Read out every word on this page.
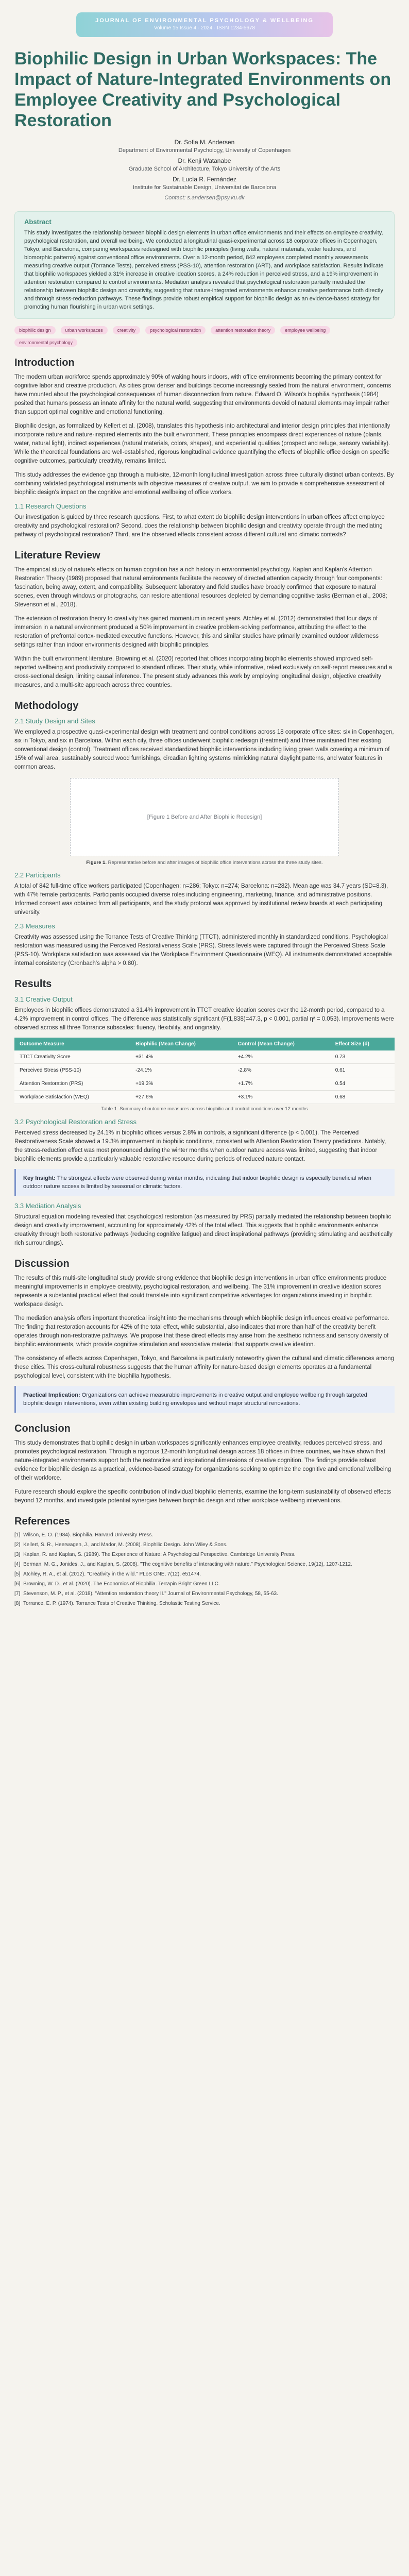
JOURNAL OF ENVIRONMENTAL PSYCHOLOGY & WELLBEING
Volume 15 Issue 4 · 2024 · ISSN 1234-5678
Biophilic Design in Urban Workspaces: The Impact of Nature-Integrated Environments on Employee Creativity and Psychological Restoration
Dr. Sofia M. Andersen
Department of Environmental Psychology, University of Copenhagen
Dr. Kenji Watanabe
Graduate School of Architecture, Tokyo University of the Arts
Dr. Lucía R. Fernández
Institute for Sustainable Design, Universitat de Barcelona
Contact: s.andersen@psy.ku.dk
Abstract
This study investigates the relationship between biophilic design elements in urban office environments and their effects on employee creativity, psychological restoration, and overall wellbeing. We conducted a longitudinal quasi-experimental across 18 corporate offices in Copenhagen, Tokyo, and Barcelona, comparing workspaces redesigned with biophilic principles (living walls, natural materials, water features, and biomorphic patterns) against conventional office environments. Over a 12-month period, 842 employees completed monthly assessments measuring creative output (Torrance Tests), perceived stress (PSS-10), attention restoration (ART), and workplace satisfaction. Results indicate that biophilic workspaces yielded a 31% increase in creative ideation scores, a 24% reduction in perceived stress, and a 19% improvement in attention restoration compared to control environments. Mediation analysis revealed that psychological restoration partially mediated the relationship between biophilic design and creativity, suggesting that nature-integrated environments enhance creative performance both directly and through stress-reduction pathways. These findings provide robust empirical support for biophilic design as an evidence-based strategy for promoting human flourishing in urban work settings.
biophilic design	urban workspaces	creativity	psychological restoration	attention restoration theory	employee wellbeing
environmental psychology
Introduction

The modern urban workforce spends approximately 90% of waking hours indoors, with office environments becoming the primary context for cognitive labor and creative production. As cities grow denser and buildings become increasingly sealed from the natural environment, concerns have mounted about the psychological consequences of human disconnection from nature. Edward O. Wilson's biophilia hypothesis (1984) posited that humans possess an innate affinity for the natural world, suggesting that environments devoid of natural elements may impair rather than support optimal cognitive and emotional functioning.

Biophilic design, as formalized by Kellert et al. (2008), translates this hypothesis into architectural and interior design principles that intentionally incorporate nature and nature-inspired elements into the built environment. These principles encompass direct experiences of nature (plants, water, natural light), indirect experiences (natural materials, colors, shapes), and experiential qualities (prospect and refuge, sensory variability). While the theoretical foundations are well-established, rigorous longitudinal evidence quantifying the effects of biophilic office design on specific cognitive outcomes, particularly creativity, remains limited.

This study addresses the evidence gap through a multi-site, 12-month longitudinal investigation across three culturally distinct urban contexts. By combining validated psychological instruments with objective measures of creative output, we aim to provide a comprehensive assessment of biophilic design's impact on the cognitive and emotional wellbeing of office workers.

1.1 Research Questions

Our investigation is guided by three research questions. First, to what extent do biophilic design interventions in urban offices affect employee creativity and psychological restoration? Second, does the relationship between biophilic design and creativity operate through the mediating pathway of psychological restoration? Third, are the observed effects consistent across different cultural and climatic contexts?

Literature Review

The empirical study of nature's effects on human cognition has a rich history in environmental psychology. Kaplan and Kaplan's Attention Restoration Theory (1989) proposed that natural environments facilitate the recovery of directed attention capacity through four components: fascination, being away, extent, and compatibility. Subsequent laboratory and field studies have broadly confirmed that exposure to natural scenes, even through windows or photographs, can restore attentional resources depleted by demanding cognitive tasks (Berman et al., 2008; Stevenson et al., 2018).

The extension of restoration theory to creativity has gained momentum in recent years. Atchley et al. (2012) demonstrated that four days of immersion in a natural environment produced a 50% improvement in creative problem-solving performance, attributing the effect to the restoration of prefrontal cortex-mediated executive functions. However, this and similar studies have primarily examined outdoor wilderness settings rather than indoor environments designed with biophilic principles.

Within the built environment literature, Browning et al. (2020) reported that offices incorporating biophilic elements showed improved self-reported wellbeing and productivity compared to standard offices. Their study, while informative, relied exclusively on self-report measures and a cross-sectional design, limiting causal inference. The present study advances this work by employing longitudinal design, objective creativity measures, and a multi-site approach across three countries.

Methodology
2.1 Study Design and Sites

We employed a prospective quasi-experimental design with treatment and control conditions across 18 corporate office sites: six in Copenhagen, six in Tokyo, and six in Barcelona. Within each city, three offices underwent biophilic redesign (treatment) and three maintained their existing conventional design (control). Treatment offices received standardized biophilic interventions including living green walls covering a minimum of 15% of wall area, sustainably sourced wood furnishings, circadian lighting systems mimicking natural daylight patterns, and water features in common areas.

[Figure 1 Before and After Biophilic Redesign]
Figure 1. Representative before and after images of biophilic office interventions across the three study sites.
2.2 Participants

A total of 842 full-time office workers participated (Copenhagen: n=286; Tokyo: n=274; Barcelona: n=282). Mean age was 34.7 years (SD=8.3), with 47% female participants. Participants occupied diverse roles including engineering, marketing, finance, and administrative positions. Informed consent was obtained from all participants, and the study protocol was approved by institutional review boards at each participating university.

2.3 Measures

Creativity was assessed using the Torrance Tests of Creative Thinking (TTCT), administered monthly in standardized conditions. Psychological restoration was measured using the Perceived Restorativeness Scale (PRS). Stress levels were captured through the Perceived Stress Scale (PSS-10). Workplace satisfaction was assessed via the Workplace Environment Questionnaire (WEQ). All instruments demonstrated acceptable internal consistency (Cronbach's alpha > 0.80).

Results
3.1 Creative Output

Employees in biophilic offices demonstrated a 31.4% improvement in TTCT creative ideation scores over the 12-month period, compared to a 4.2% improvement in control offices. The difference was statistically significant (F(1,838)=47.3, p < 0.001, partial η² = 0.053). Improvements were observed across all three Torrance subscales: fluency, flexibility, and originality.

Outcome Measure	Biophilic (Mean Change)	Control (Mean Change)	Effect Size (d)
TTCT Creativity Score	+31.4%	+4.2%	0.73
Perceived Stress (PSS-10)	-24.1%	-2.8%	0.61
Attention Restoration (PRS)	+19.3%	+1.7%	0.54
Workplace Satisfaction (WEQ)	+27.6%	+3.1%	0.68
Table 1. Summary of outcome measures across biophilic and control conditions over 12 months
3.2 Psychological Restoration and Stress

Perceived stress decreased by 24.1% in biophilic offices versus 2.8% in controls, a significant difference (p < 0.001). The Perceived Restorativeness Scale showed a 19.3% improvement in biophilic conditions, consistent with Attention Restoration Theory predictions. Notably, the stress-reduction effect was most pronounced during the winter months when outdoor nature access was limited, suggesting that indoor biophilic elements provide a particularly valuable restorative resource during periods of reduced nature contact.

Key Insight: The strongest effects were observed during winter months, indicating that indoor biophilic design is especially beneficial when outdoor nature access is limited by seasonal or climatic factors.
3.3 Mediation Analysis

Structural equation modeling revealed that psychological restoration (as measured by PRS) partially mediated the relationship between biophilic design and creativity improvement, accounting for approximately 42% of the total effect. This suggests that biophilic environments enhance creativity through both restorative pathways (reducing cognitive fatigue) and direct inspirational pathways (providing stimulating and aesthetically rich surroundings).

Discussion

The results of this multi-site longitudinal study provide strong evidence that biophilic design interventions in urban office environments produce meaningful improvements in employee creativity, psychological restoration, and wellbeing. The 31% improvement in creative ideation scores represents a substantial practical effect that could translate into significant competitive advantages for organizations investing in biophilic workspace design.

The mediation analysis offers important theoretical insight into the mechanisms through which biophilic design influences creative performance. The finding that restoration accounts for 42% of the total effect, while substantial, also indicates that more than half of the creativity benefit operates through non-restorative pathways. We propose that these direct effects may arise from the aesthetic richness and sensory diversity of biophilic environments, which provide cognitive stimulation and associative material that supports creative ideation.

The consistency of effects across Copenhagen, Tokyo, and Barcelona is particularly noteworthy given the cultural and climatic differences among these cities. This cross-cultural robustness suggests that the human affinity for nature-based design elements operates at a fundamental psychological level, consistent with the biophilia hypothesis.

Practical Implication: Organizations can achieve measurable improvements in creative output and employee wellbeing through targeted biophilic design interventions, even within existing building envelopes and without major structural renovations.
Conclusion

This study demonstrates that biophilic design in urban workspaces significantly enhances employee creativity, reduces perceived stress, and promotes psychological restoration. Through a rigorous 12-month longitudinal design across 18 offices in three countries, we have shown that nature-integrated environments support both the restorative and inspirational dimensions of creative cognition. The findings provide robust evidence for biophilic design as a practical, evidence-based strategy for organizations seeking to optimize the cognitive and emotional wellbeing of their workforce.

Future research should explore the specific contribution of individual biophilic elements, examine the long-term sustainability of observed effects beyond 12 months, and investigate potential synergies between biophilic design and other workplace wellbeing interventions.

References
[1] Wilson, E. O. (1984). Biophilia. Harvard University Press.
[2] Kellert, S. R., Heerwagen, J., and Mador, M. (2008). Biophilic Design. John Wiley & Sons.
[3] Kaplan, R. and Kaplan, S. (1989). The Experience of Nature: A Psychological Perspective. Cambridge University Press.
[4] Berman, M. G., Jonides, J., and Kaplan, S. (2008). "The cognitive benefits of interacting with nature." Psychological Science, 19(12), 1207-1212.
[5] Atchley, R. A., et al. (2012). "Creativity in the wild." PLoS ONE, 7(12), e51474.
[6] Browning, W. D., et al. (2020). The Economics of Biophilia. Terrapin Bright Green LLC.
[7] Stevenson, M. P., et al. (2018). "Attention restoration theory II." Journal of Environmental Psychology, 58, 55-63.
[8] Torrance, E. P. (1974). Torrance Tests of Creative Thinking. Scholastic Testing Service.
